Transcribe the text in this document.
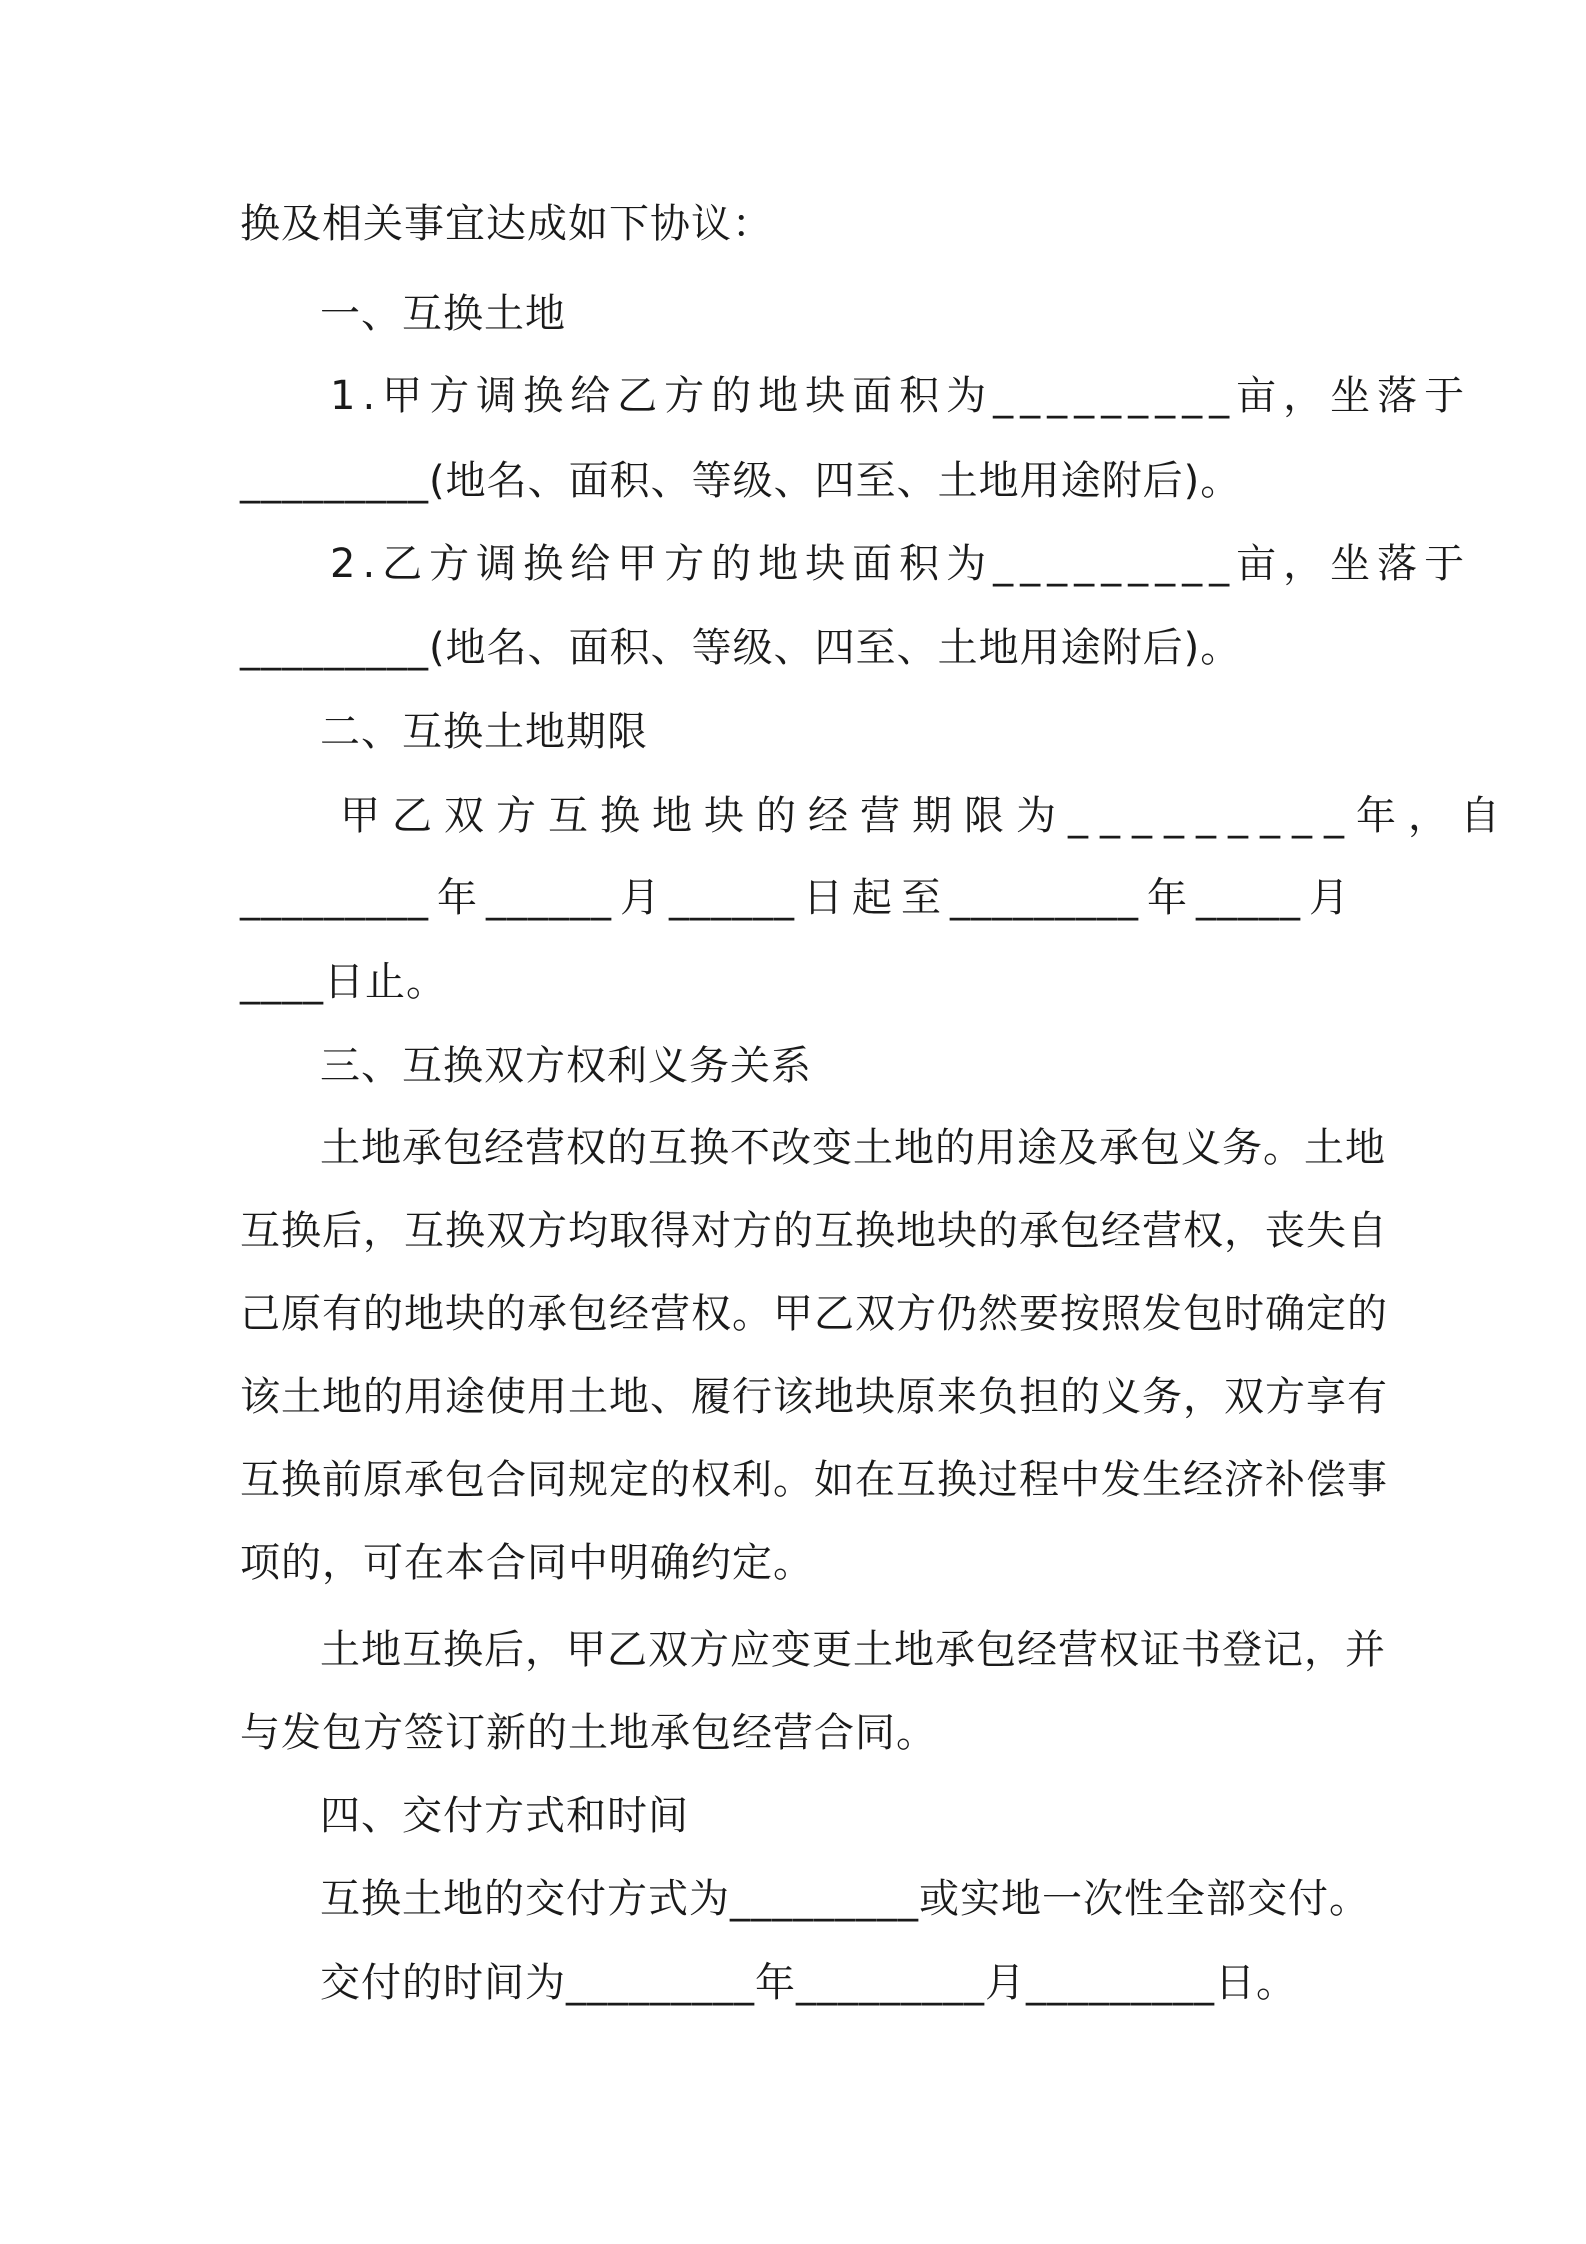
换及相关事宜达成如下协议：
一、互换土地
1.甲方调换给乙方的地块面积为_________亩，坐落于
_________(地名、面积、等级、四至、土地用途附后)。
2.乙方调换给甲方的地块面积为_________亩，坐落于
_________(地名、面积、等级、四至、土地用途附后)。
二、互换土地期限
甲乙双方互换地块的经营期限为_________年，自
_________年______月______日起至_________年_____月
____日止。
三、互换双方权利义务关系
土地承包经营权的互换不改变土地的用途及承包义务。土地
互换后，互换双方均取得对方的互换地块的承包经营权，丧失自
己原有的地块的承包经营权。甲乙双方仍然要按照发包时确定的
该土地的用途使用土地、履行该地块原来负担的义务，双方享有
互换前原承包合同规定的权利。如在互换过程中发生经济补偿事
项的，可在本合同中明确约定。
土地互换后，甲乙双方应变更土地承包经营权证书登记，并
与发包方签订新的土地承包经营合同。
四、交付方式和时间
互换土地的交付方式为_________或实地一次性全部交付。
交付的时间为_________年_________月_________日。
